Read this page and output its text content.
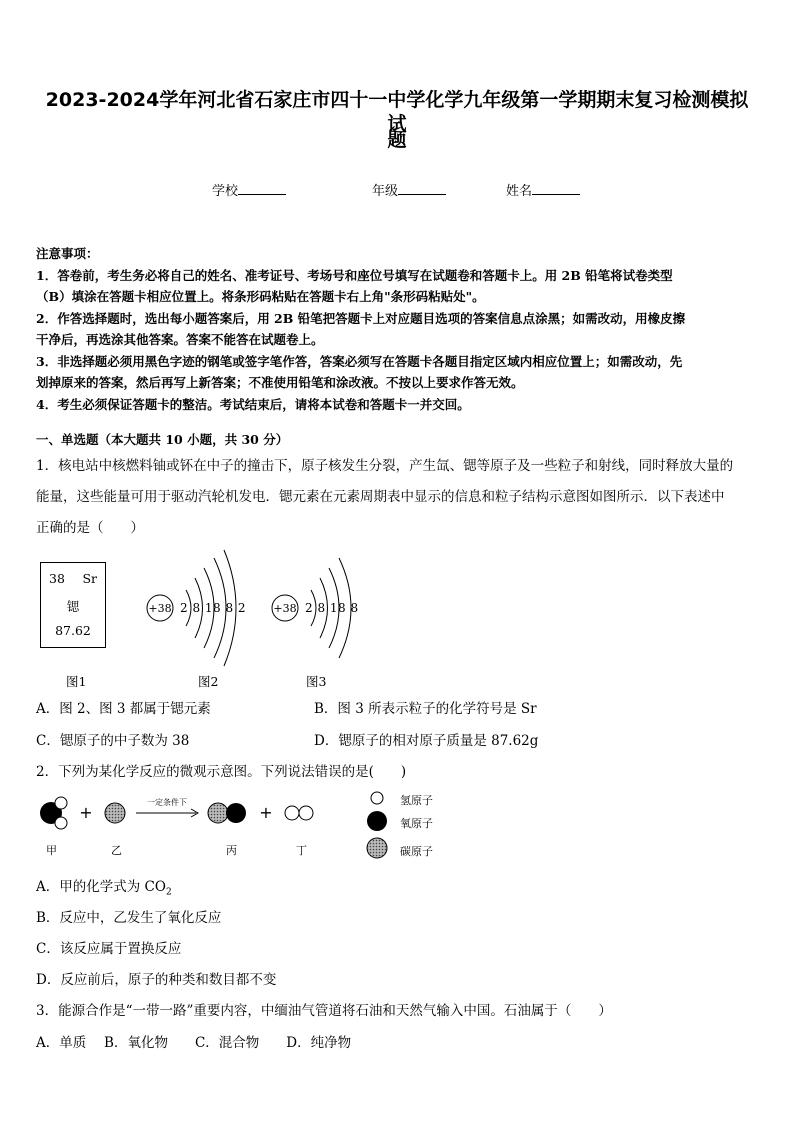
2023-2024学年河北省石家庄市四十一中学化学九年级第一学期期末复习检测模拟试
题
学校	年级	姓名
注意事项：
1．答卷前，考生务必将自己的姓名、准考证号、考场号和座位号填写在试题卷和答题卡上。用 2B 铅笔将试卷类型
（B）填涂在答题卡相应位置上。将条形码粘贴在答题卡右上角"条形码粘贴处"。
2．作答选择题时，选出每小题答案后，用 2B 铅笔把答题卡上对应题目选项的答案信息点涂黑；如需改动，用橡皮擦
干净后，再选涂其他答案。答案不能答在试题卷上。
3．非选择题必须用黑色字迹的钢笔或签字笔作答，答案必须写在答题卡各题目指定区域内相应位置上；如需改动，先
划掉原来的答案，然后再写上新答案；不准使用铅笔和涂改液。不按以上要求作答无效。
4．考生必须保证答题卡的整洁。考试结束后，请将本试卷和答题卡一并交回。
一、单选题（本大题共 10 小题，共 30 分）
1．核电站中核燃料铀或钚在中子的撞击下，原子核发生分裂，产生氙、锶等原子及一些粒子和射线，同时释放大量的
能量，这些能量可用于驱动汽轮机发电．锶元素在元素周期表中显示的信息和粒子结构示意图如图所示．以下表述中
正确的是（　　）
38 Sr
锶
87.62
+38 2 8 18 8 2 +38 2 8 18 8
图1	图2	图3
A．图 2、图 3 都属于锶元素	B．图 3 所表示粒子的化学符号是 Sr
C．锶原子的中子数为 38	D．锶原子的相对原子质量是 87.62g
2．下列为某化学反应的微观示意图。下列说法错误的是(　　)
+
一定条件下
+
甲	乙	丙	丁
氢原子
氧原子
碳原子
A．甲的化学式为 $CO_2$
B．反应中，乙发生了氧化反应
C．该反应属于置换反应
D．反应前后，原子的种类和数目都不变
3．能源合作是“一带一路”重要内容，中缅油气管道将石油和天然气输入中国。石油属于（　　）
A．单质　 B．氧化物　　C．混合物　　D．纯净物
